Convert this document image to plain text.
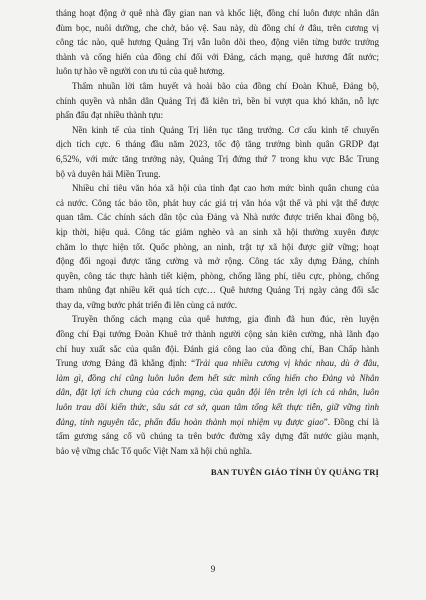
tháng hoạt động ở quê nhà đầy gian nan và khốc liệt, đồng chí luôn được nhân dân
đùm bọc, nuôi dưỡng, che chở, bảo vệ. Sau này, dù đồng chí ở đâu, trên cương vị
công tác nào, quê hương Quảng Trị vẫn luôn dõi theo, động viên từng bước trưởng
thành và cống hiến của đồng chí đối với Đảng, cách mạng, quê hương đất nước;
luôn tự hào về người con ưu tú của quê hương.
Thấm nhuần lời tâm huyết và hoài bão của đồng chí Đoàn Khuê, Đảng bộ,
chính quyền và nhân dân Quảng Trị đã kiên trì, bền bỉ vượt qua khó khăn, nỗ lực
phấn đấu đạt nhiều thành tựu:
Nền kinh tế của tỉnh Quảng Trị liên tục tăng trưởng. Cơ cấu kinh tế chuyển
dịch tích cực. 6 tháng đầu năm 2023, tốc độ tăng trưởng bình quân GRDP đạt
6,52%, với mức tăng trưởng này, Quảng Trị đứng thứ 7 trong khu vực Bắc Trung
bộ và duyên hải Miền Trung.
Nhiều chỉ tiêu văn hóa xã hội của tỉnh đạt cao hơn mức bình quân chung của
cả nước. Công tác bảo tồn, phát huy các giá trị văn hóa vật thể và phi vật thể được
quan tâm. Các chính sách dân tộc của Đảng và Nhà nước được triển khai đồng bộ,
kịp thời, hiệu quả. Công tác giảm nghèo và an sinh xã hội thường xuyên được
chăm lo thực hiện tốt. Quốc phòng, an ninh, trật tự xã hội được giữ vững; hoạt
động đối ngoại được tăng cường và mở rộng. Công tác xây dựng Đảng, chính
quyền, công tác thực hành tiết kiệm, phòng, chống lãng phí, tiêu cực, phòng, chống
tham nhũng đạt nhiều kết quả tích cực… Quê hương Quảng Trị ngày càng đổi sắc
thay da, vững bước phát triển đi lên cùng cả nước.
Truyền thống cách mạng của quê hương, gia đình đã hun đúc, rèn luyện
đồng chí Đại tướng Đoàn Khuê trở thành người cộng sản kiên cường, nhà lãnh đạo
chỉ huy xuất sắc của quân đội. Đánh giá công lao của đồng chí, Ban Chấp hành
Trung ương Đảng đã khẳng định: “Trải qua nhiều cương vị khác nhau, dù ở đâu,
làm gì, đồng chí cũng luôn luôn đem hết sức mình cống hiến cho Đảng và Nhân
dân, đặt lợi ích chung của cách mạng, của quân đội lên trên lợi ích cá nhân, luôn
luôn trau dồi kiến thức, sâu sát cơ sở, quan tâm tổng kết thực tiễn, giữ vững tình
đảng, tính nguyên tắc, phấn đấu hoàn thành mọi nhiệm vụ được giao”. Đồng chí là
tấm gương sáng cổ vũ chúng ta trên bước đường xây dựng đất nước giàu mạnh,
bảo vệ vững chắc Tổ quốc Việt Nam xã hội chủ nghĩa.
BAN TUYÊN GIÁO TỈNH ỦY QUẢNG TRỊ
9
